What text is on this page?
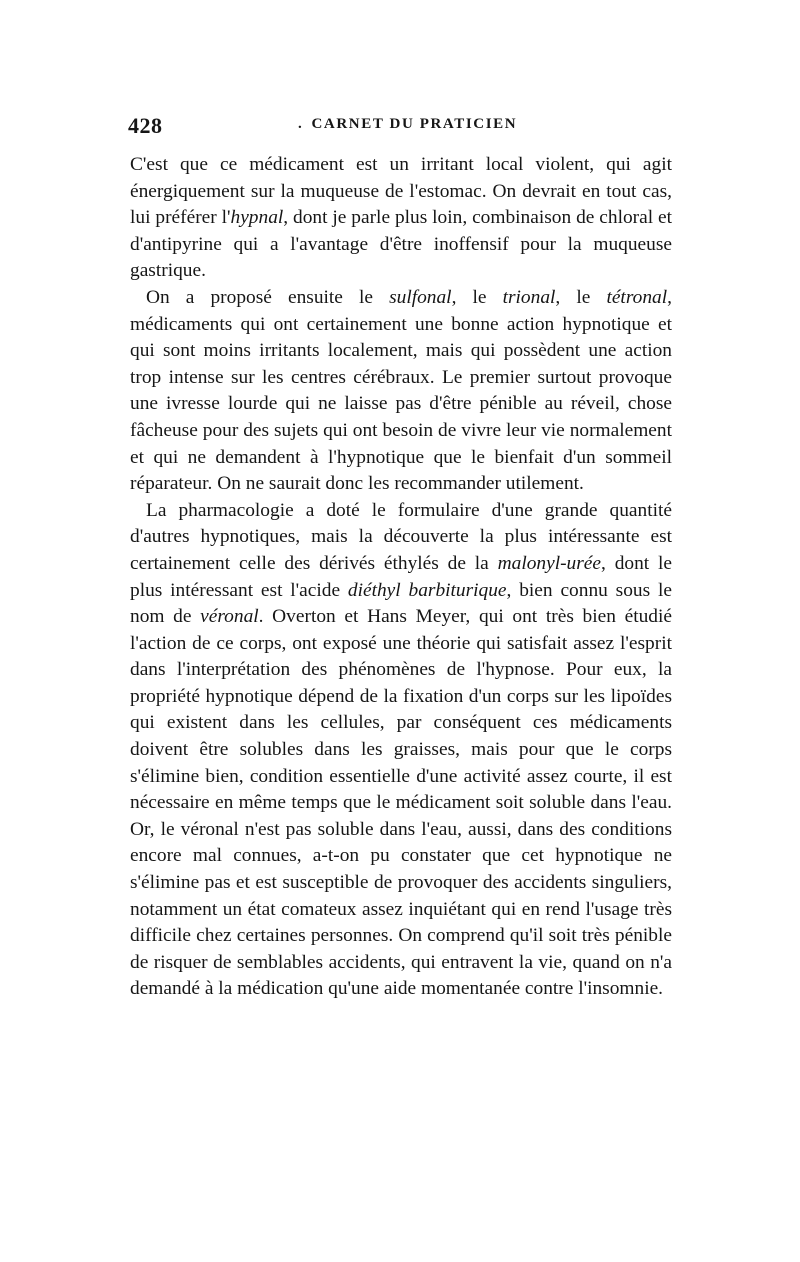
428	. CARNET DU PRATICIEN

C'est que ce médicament est un irritant local violent, qui agit énergiquement sur la muqueuse de l'estomac. On devrait en tout cas, lui préférer l'hypnal, dont je parle plus loin, combinaison de chloral et d'antipyrine qui a l'avantage d'être inoffensif pour la muqueuse gastrique.

On a proposé ensuite le sulfonal, le trional, le tétronal, médicaments qui ont certainement une bonne action hypnotique et qui sont moins irritants localement, mais qui possèdent une action trop intense sur les centres cérébraux. Le premier surtout provoque une ivresse lourde qui ne laisse pas d'être pénible au réveil, chose fâcheuse pour des sujets qui ont besoin de vivre leur vie normalement et qui ne demandent à l'hypnotique que le bienfait d'un sommeil réparateur. On ne saurait donc les recommander utilement.

La pharmacologie a doté le formulaire d'une grande quantité d'autres hypnotiques, mais la découverte la plus intéressante est certainement celle des dérivés éthylés de la malonyl-urée, dont le plus intéressant est l'acide diéthyl barbiturique, bien connu sous le nom de véronal. Overton et Hans Meyer, qui ont très bien étudié l'action de ce corps, ont exposé une théorie qui satisfait assez l'esprit dans l'interprétation des phénomènes de l'hypnose. Pour eux, la propriété hypnotique dépend de la fixation d'un corps sur les lipoïdes qui existent dans les cellules, par conséquent ces médicaments doivent être solubles dans les graisses, mais pour que le corps s'élimine bien, condition essentielle d'une activité assez courte, il est nécessaire en même temps que le médicament soit soluble dans l'eau. Or, le véronal n'est pas soluble dans l'eau, aussi, dans des conditions encore mal connues, a-t-on pu constater que cet hypnotique ne s'élimine pas et est susceptible de provoquer des accidents singuliers, notamment un état comateux assez inquiétant qui en rend l'usage très difficile chez certaines personnes. On comprend qu'il soit très pénible de risquer de semblables accidents, qui entravent la vie, quand on n'a demandé à la médication qu'une aide momentanée contre l'insomnie.
